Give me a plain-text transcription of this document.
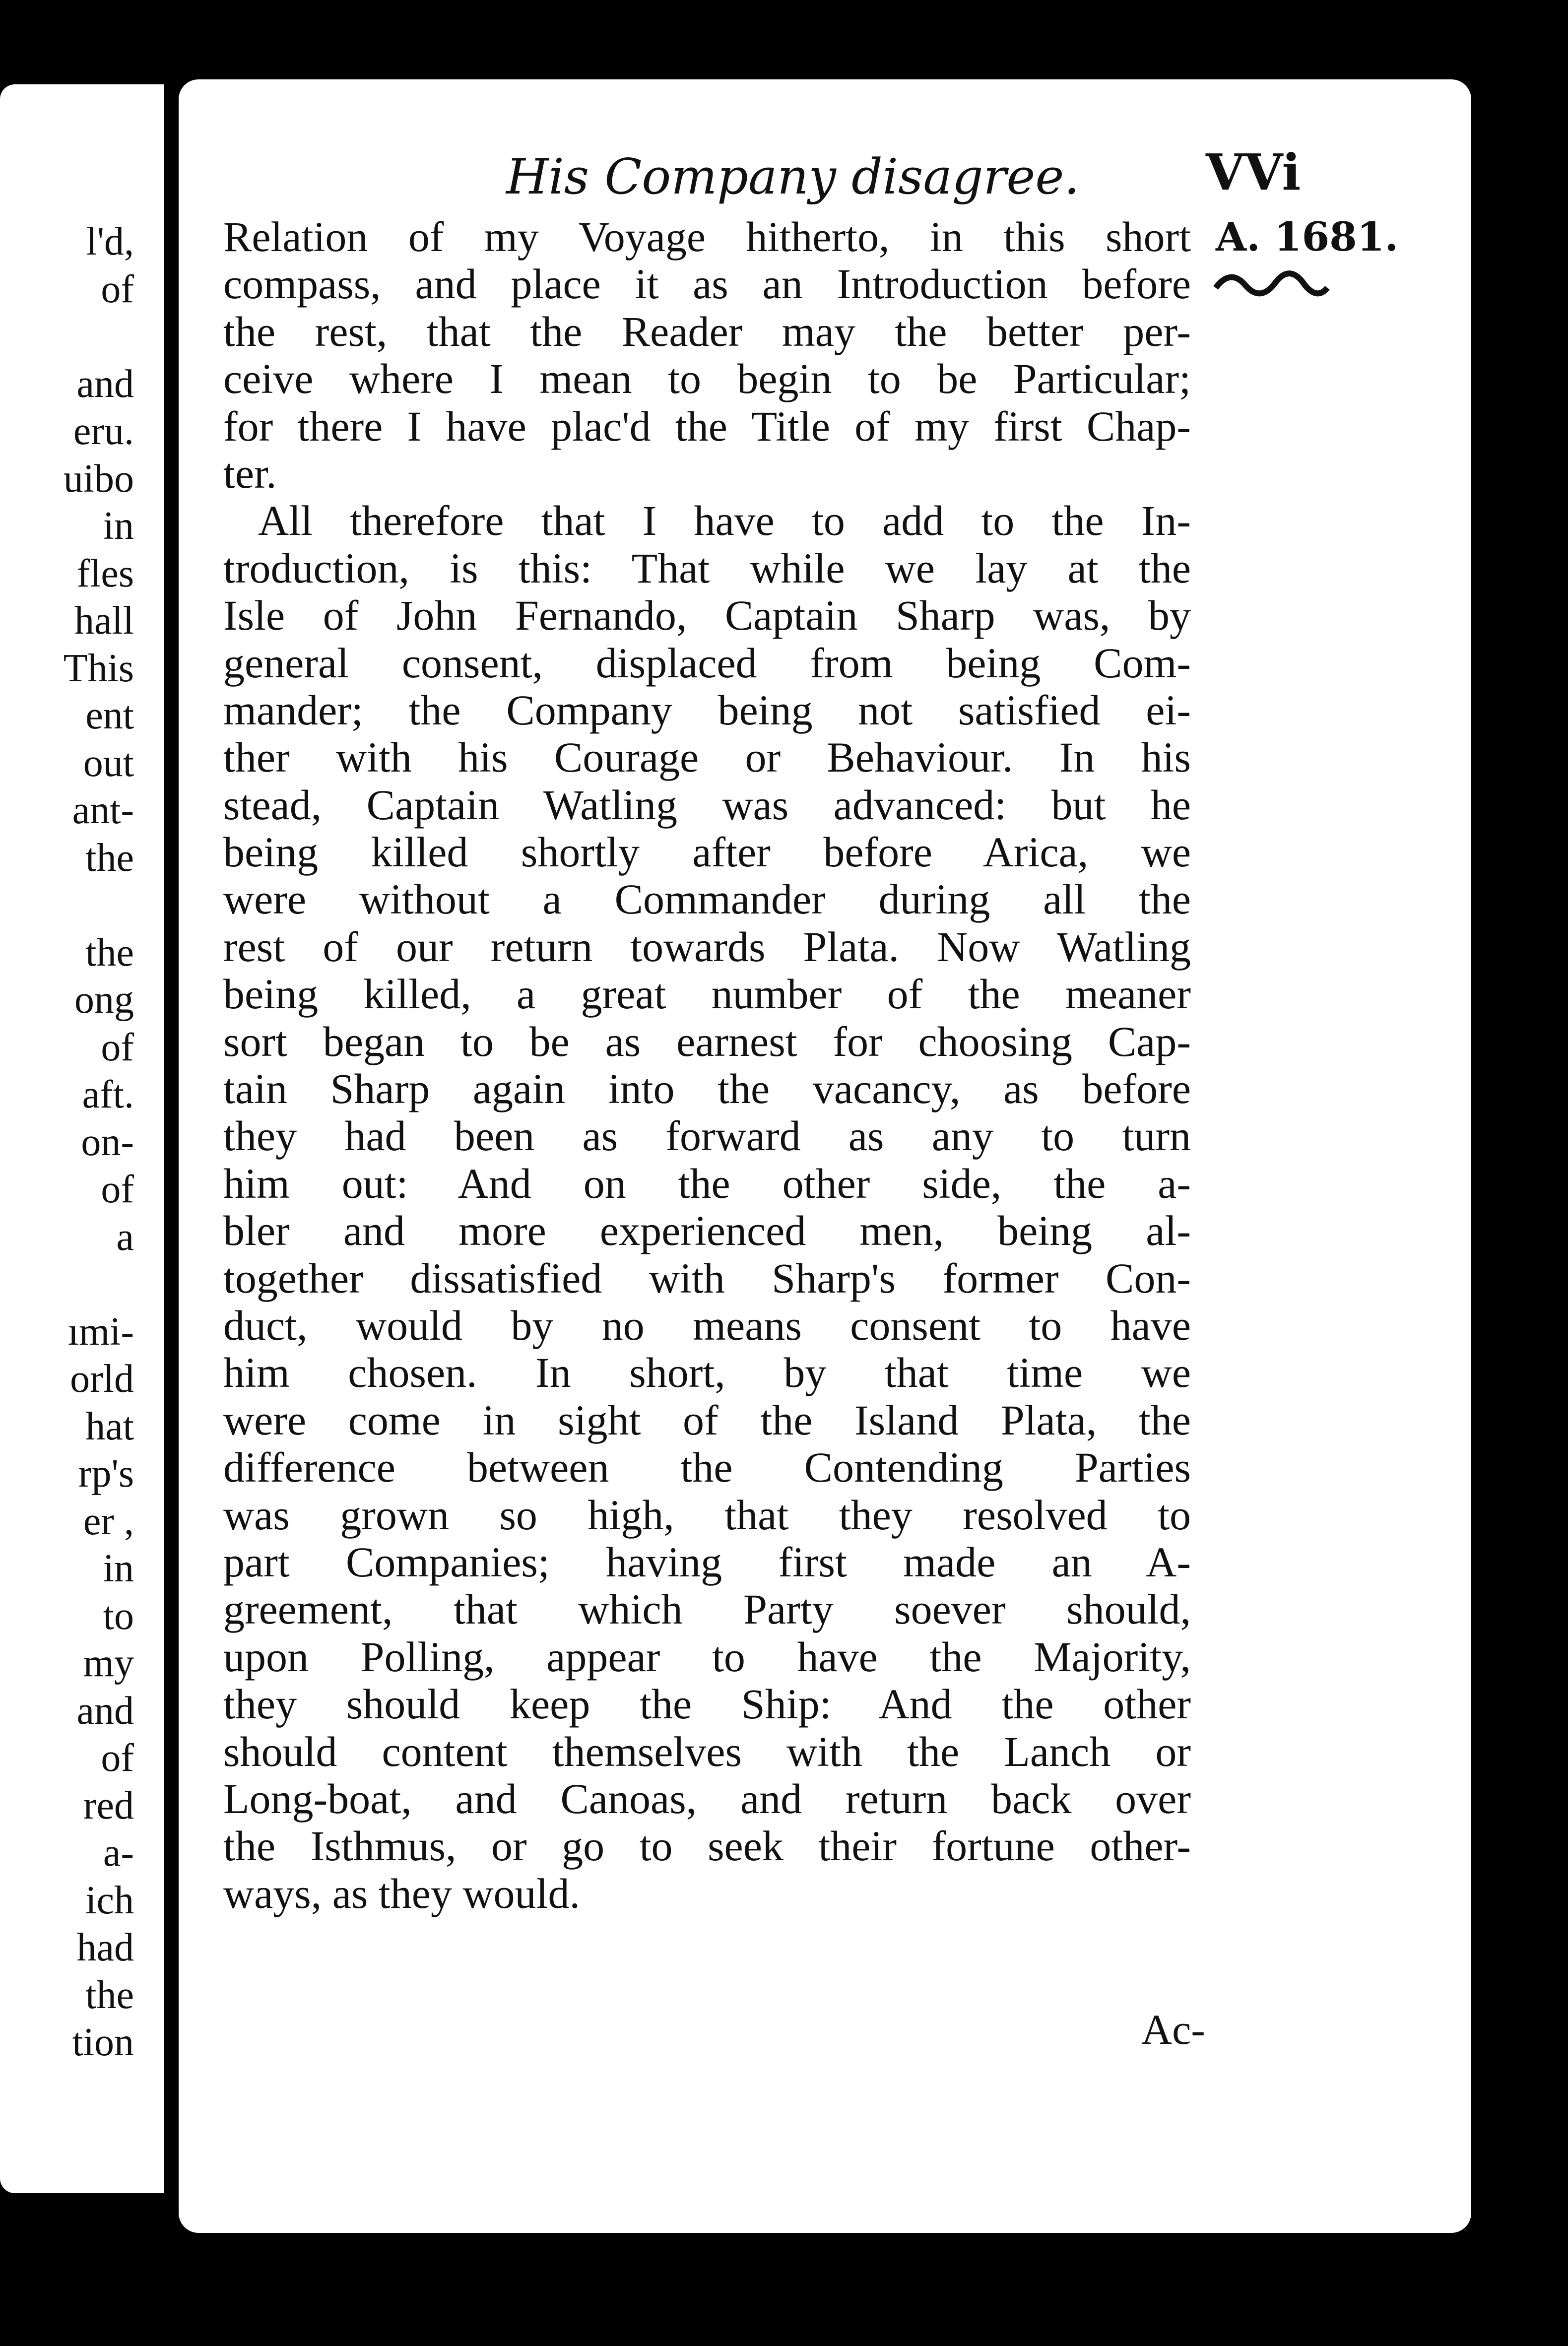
l'd,
of
and
eru.
uibo
in
fles
hall
This
ent
out
ant-
the
the
ong
of
aft.
on-
of
a
ımi-
orld
hat
rp's
er ,
in
to
my
and
of
red
a-
ich
had
the
tion
His Company disagree.	VVi
A. 1681.
Relation of my Voyage hitherto, in this short
compass, and place it as an Introduction before
the rest, that the Reader may the better per-
ceive where I mean to begin to be Particular;
for there I have plac'd the Title of my first Chap-
ter.
All therefore that I have to add to the In-
troduction, is this: That while we lay at the
Isle of John Fernando, Captain Sharp was, by
general consent, displaced from being Com-
mander; the Company being not satisfied ei-
ther with his Courage or Behaviour. In his
stead, Captain Watling was advanced: but he
being killed shortly after before Arica, we
were without a Commander during all the
rest of our return towards Plata. Now Watling
being killed, a great number of the meaner
sort began to be as earnest for choosing Cap-
tain Sharp again into the vacancy, as before
they had been as forward as any to turn
him out: And on the other side, the a-
bler and more experienced men, being al-
together dissatisfied with Sharp's former Con-
duct, would by no means consent to have
him chosen. In short, by that time we
were come in sight of the Island Plata, the
difference between the Contending Parties
was grown so high, that they resolved to
part Companies; having first made an A-
greement, that which Party soever should,
upon Polling, appear to have the Majority,
they should keep the Ship: And the other
should content themselves with the Lanch or
Long-boat, and Canoas, and return back over
the Isthmus, or go to seek their fortune other-
ways, as they would.
Ac-
